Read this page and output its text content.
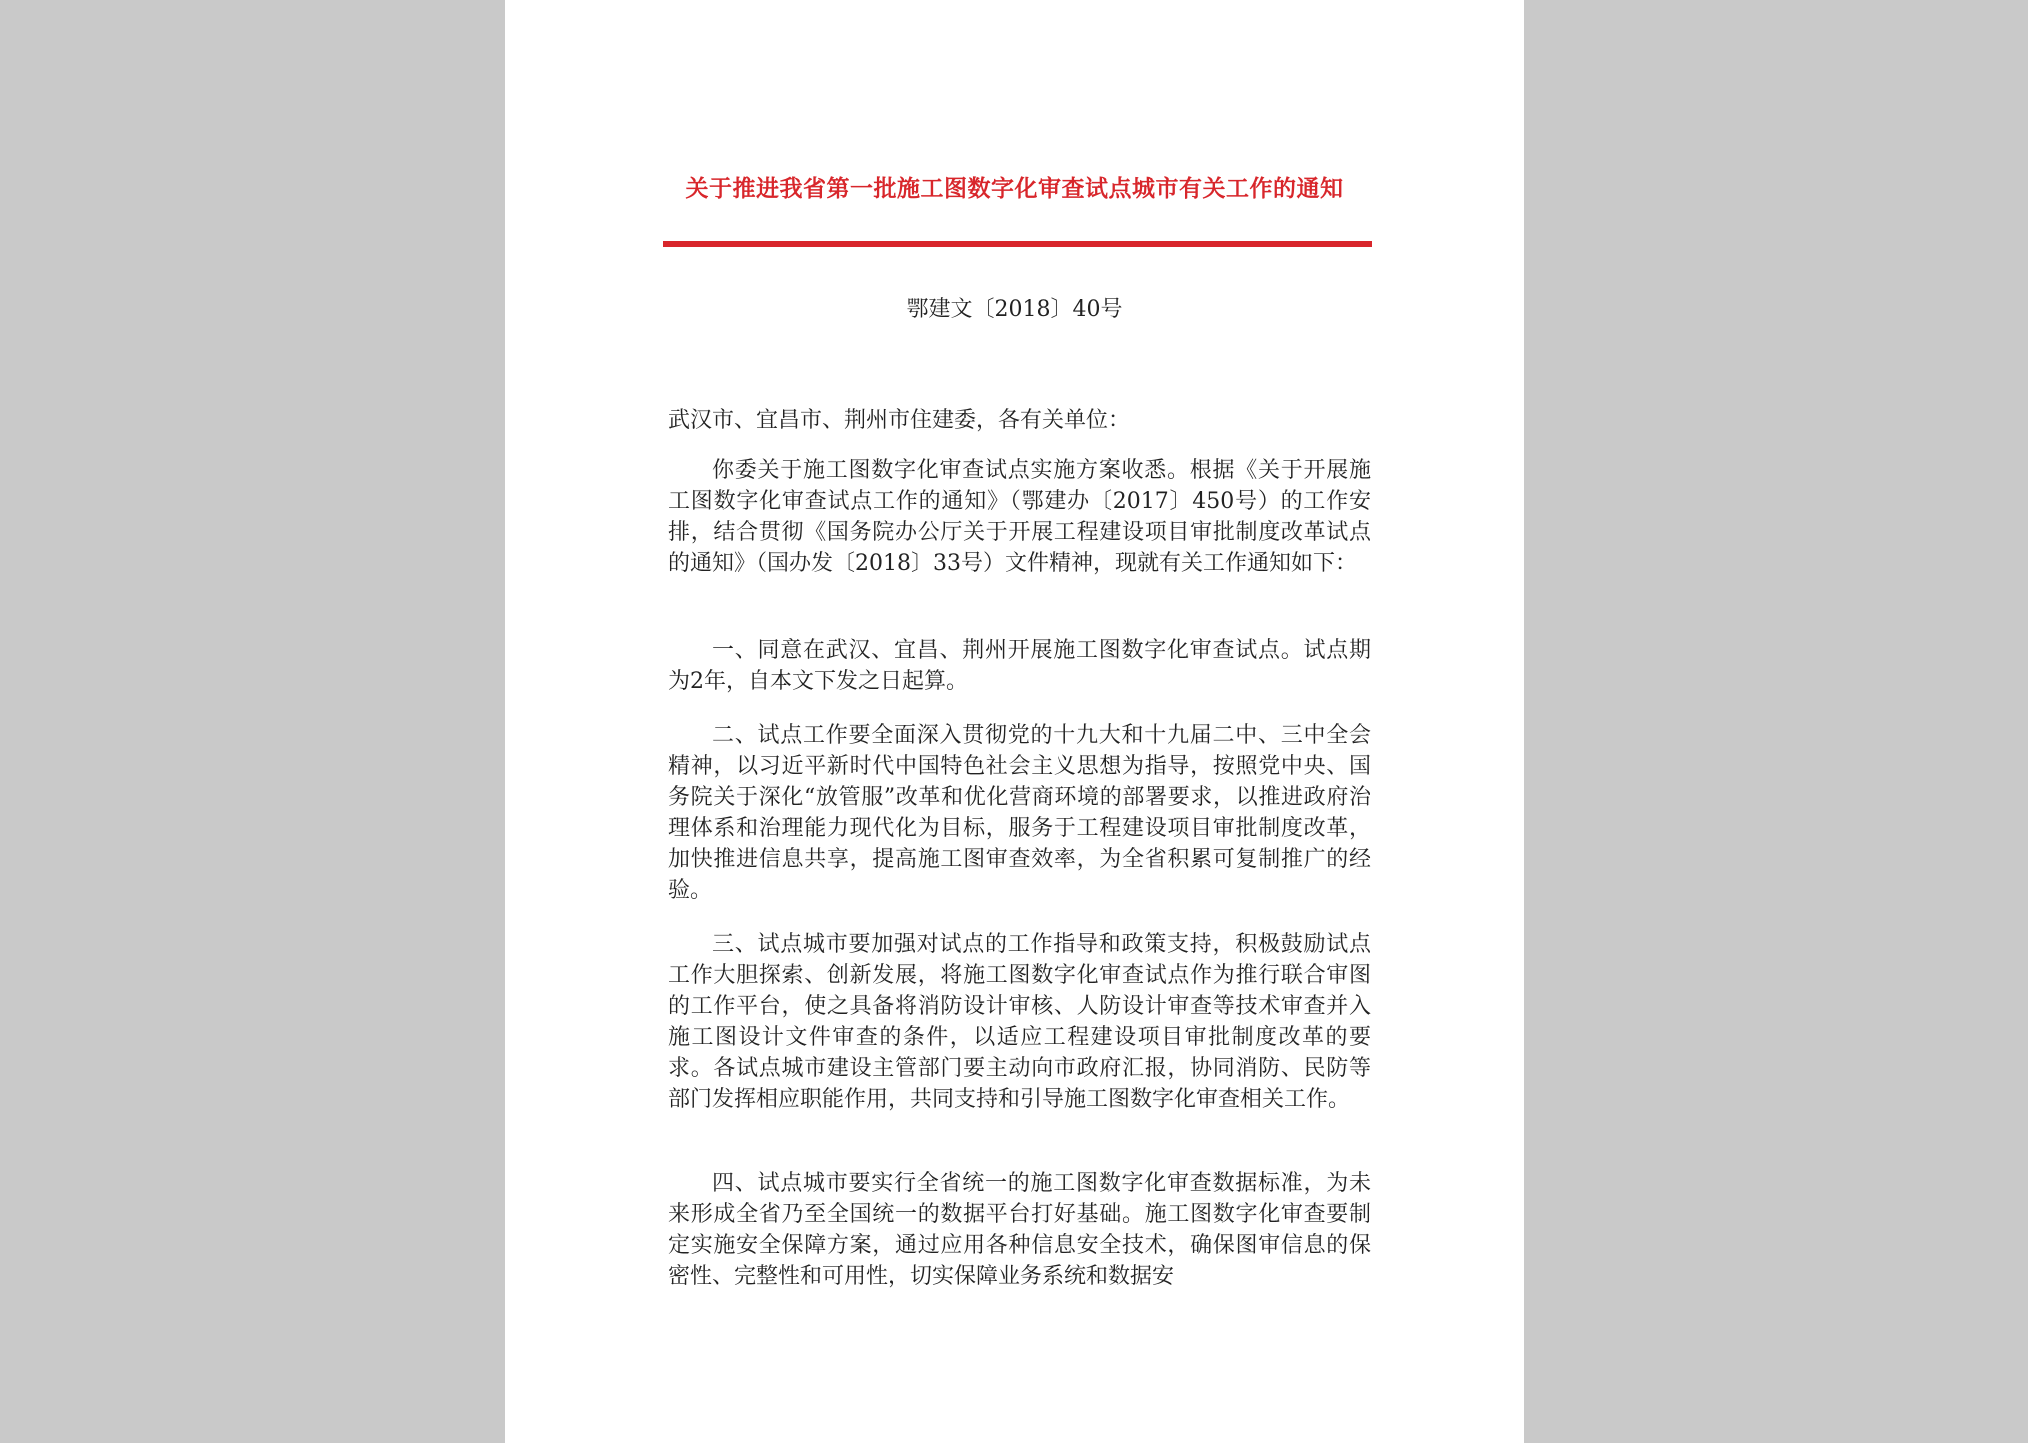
关于推进我省第一批施工图数字化审查试点城市有关工作的通知
鄂建文〔2018〕40号

武汉市、宜昌市、荆州市住建委，各有关单位：

你委关于施工图数字化审查试点实施方案收悉。根据《关于开展施工图数字化审查试点工作的通知》（鄂建办〔2017〕450号）的工作安排，结合贯彻《国务院办公厅关于开展工程建设项目审批制度改革试点的通知》（国办发〔2018〕33号）文件精神，现就有关工作通知如下：

一、同意在武汉、宜昌、荆州开展施工图数字化审查试点。试点期为2年，自本文下发之日起算。

二、试点工作要全面深入贯彻党的十九大和十九届二中、三中全会精神，以习近平新时代中国特色社会主义思想为指导，按照党中央、国务院关于深化“放管服”改革和优化营商环境的部署要求，以推进政府治理体系和治理能力现代化为目标，服务于工程建设项目审批制度改革，加快推进信息共享，提高施工图审查效率，为全省积累可复制推广的经验。

三、试点城市要加强对试点的工作指导和政策支持，积极鼓励试点工作大胆探索、创新发展，将施工图数字化审查试点作为推行联合审图的工作平台，使之具备将消防设计审核、人防设计审查等技术审查并入施工图设计文件审查的条件，以适应工程建设项目审批制度改革的要求。各试点城市建设主管部门要主动向市政府汇报，协同消防、民防等部门发挥相应职能作用，共同支持和引导施工图数字化审查相关工作。

四、试点城市要实行全省统一的施工图数字化审查数据标准，为未来形成全省乃至全国统一的数据平台打好基础。施工图数字化审查要制定实施安全保障方案，通过应用各种信息安全技术，确保图审信息的保密性、完整性和可用性，切实保障业务系统和数据安
